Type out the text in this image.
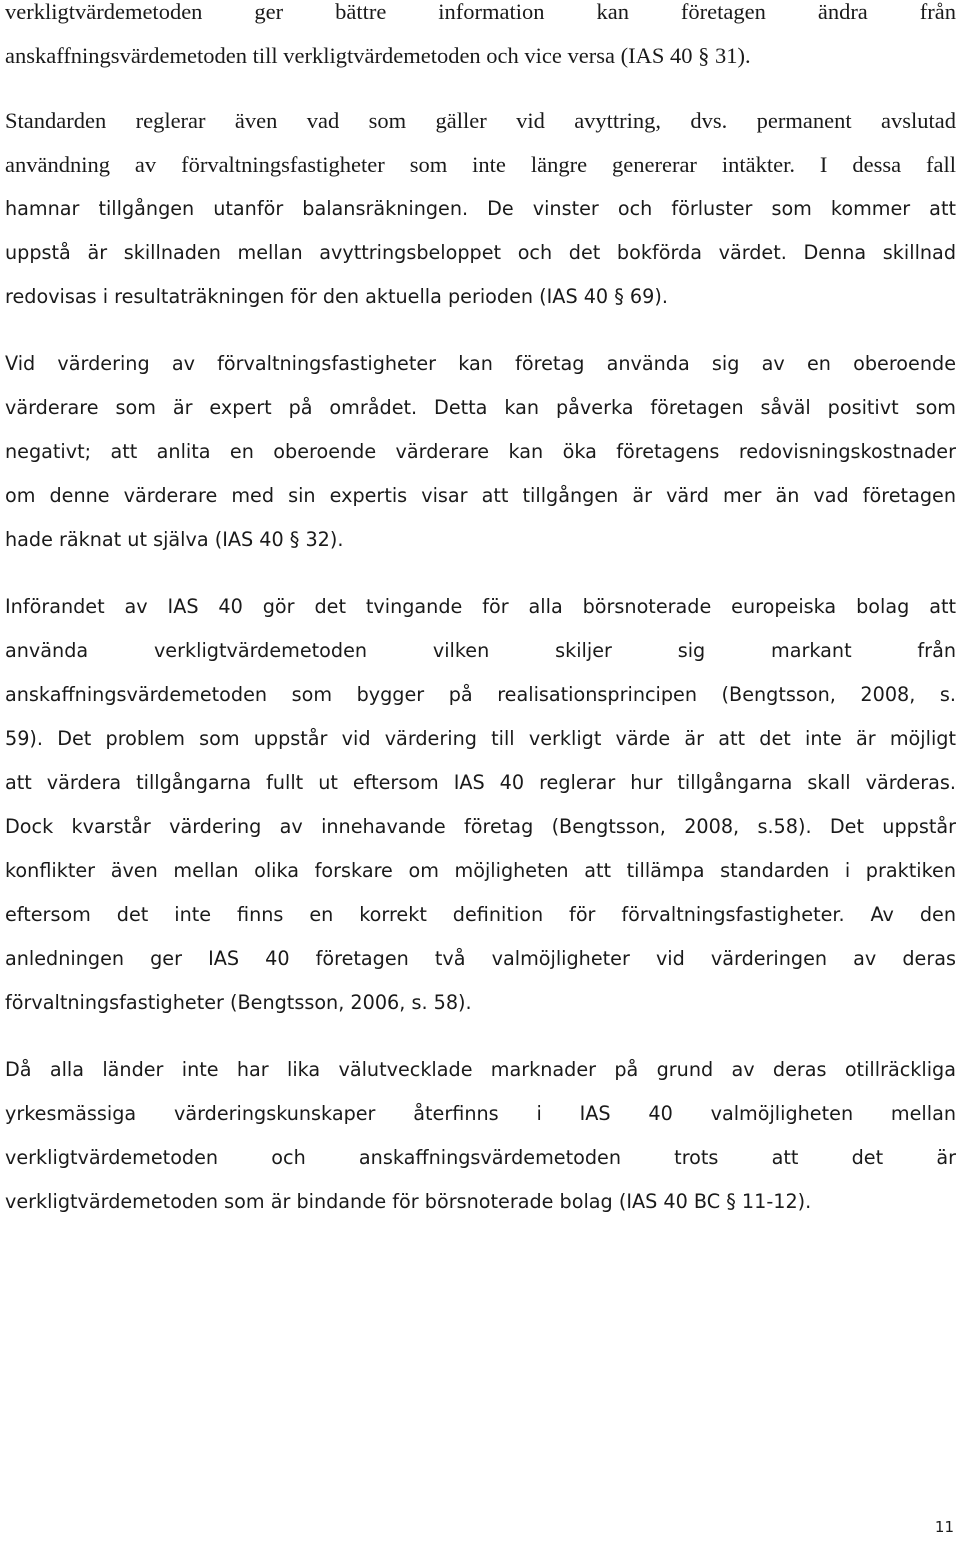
verkligtvärdemetoden ger bättre information kan företagen ändra från
anskaffningsvärdemetoden till verkligtvärdemetoden och vice versa (IAS 40 § 31).
Standarden reglerar även vad som gäller vid avyttring, dvs. permanent avslutad
användning av förvaltningsfastigheter som inte längre genererar intäkter. I dessa fall
hamnar tillgången utanför balansräkningen. De vinster och förluster som kommer att
uppstå är skillnaden mellan avyttringsbeloppet och det bokförda värdet. Denna skillnad
redovisas i resultaträkningen för den aktuella perioden (IAS 40 § 69).
Vid värdering av förvaltningsfastigheter kan företag använda sig av en oberoende
värderare som är expert på området. Detta kan påverka företagen såväl positivt som
negativt; att anlita en oberoende värderare kan öka företagens redovisningskostnader
om denne värderare med sin expertis visar att tillgången är värd mer än vad företagen
hade räknat ut själva (IAS 40 § 32).
Införandet av IAS 40 gör det tvingande för alla börsnoterade europeiska bolag att
använda verkligtvärdemetoden vilken skiljer sig markant från
anskaffningsvärdemetoden som bygger på realisationsprincipen (Bengtsson, 2008, s.
59). Det problem som uppstår vid värdering till verkligt värde är att det inte är möjligt
att värdera tillgångarna fullt ut eftersom IAS 40 reglerar hur tillgångarna skall värderas.
Dock kvarstår värdering av innehavande företag (Bengtsson, 2008, s.58). Det uppstår
konflikter även mellan olika forskare om möjligheten att tillämpa standarden i praktiken
eftersom det inte finns en korrekt definition för förvaltningsfastigheter. Av den
anledningen ger IAS 40 företagen två valmöjligheter vid värderingen av deras
förvaltningsfastigheter (Bengtsson, 2006, s. 58).
Då alla länder inte har lika välutvecklade marknader på grund av deras otillräckliga
yrkesmässiga värderingskunskaper återfinns i IAS 40 valmöjligheten mellan
verkligtvärdemetoden och anskaffningsvärdemetoden trots att det är
verkligtvärdemetoden som är bindande för börsnoterade bolag (IAS 40 BC § 11-12).
11
